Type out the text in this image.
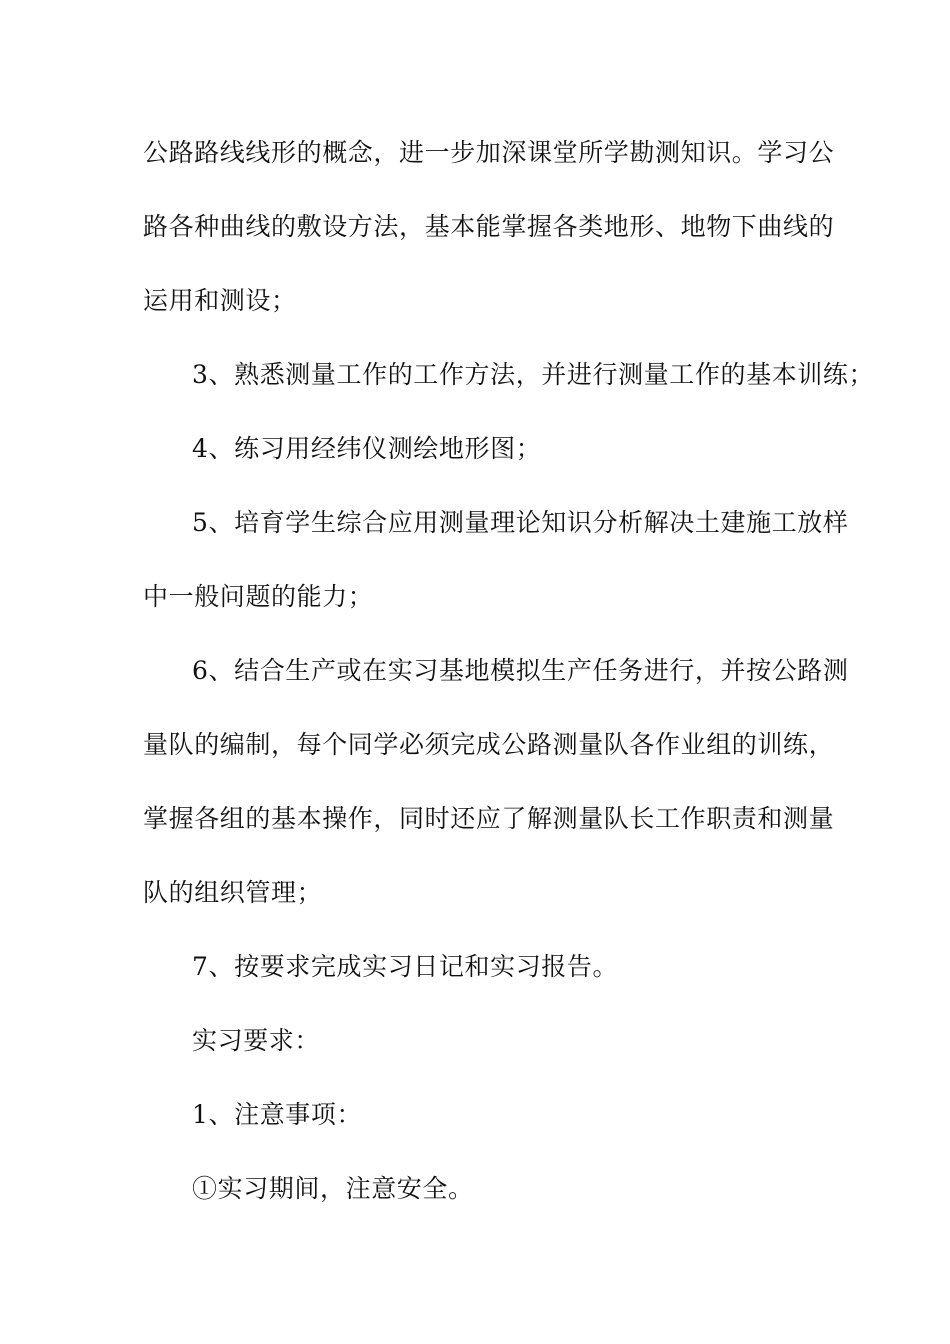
公路路线线形的概念，进一步加深课堂所学勘测知识。学习公
路各种曲线的敷设方法，基本能掌握各类地形、地物下曲线的
运用和测设；
3、熟悉测量工作的工作方法，并进行测量工作的基本训练；
4、练习用经纬仪测绘地形图；
5、培育学生综合应用测量理论知识分析解决土建施工放样
中一般问题的能力；
6、结合生产或在实习基地模拟生产任务进行，并按公路测
量队的编制，每个同学必须完成公路测量队各作业组的训练，
掌握各组的基本操作，同时还应了解测量队长工作职责和测量
队的组织管理；
7、按要求完成实习日记和实习报告。
实习要求：
1、注意事项：
①实习期间，注意安全。
